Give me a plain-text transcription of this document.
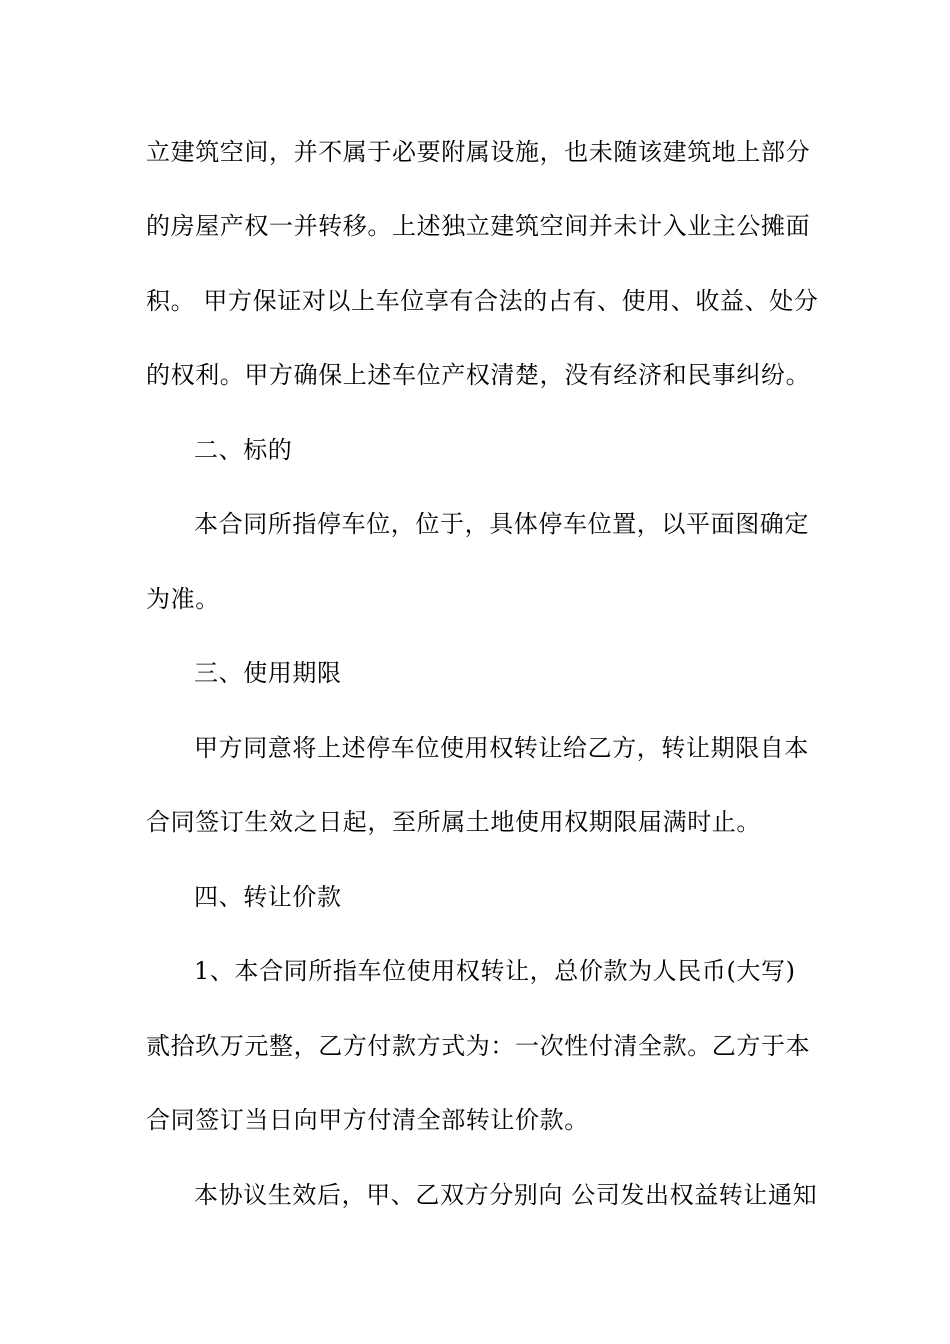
立建筑空间，并不属于必要附属设施，也未随该建筑地上部分
的房屋产权一并转移。上述独立建筑空间并未计入业主公摊面
积。 甲方保证对以上车位享有合法的占有、使用、收益、处分
的权利。甲方确保上述车位产权清楚，没有经济和民事纠纷。
二、标的
本合同所指停车位，位于，具体停车位置，以平面图确定
为准。
三、使用期限
甲方同意将上述停车位使用权转让给乙方，转让期限自本
合同签订生效之日起，至所属土地使用权期限届满时止。
四、转让价款
1、本合同所指车位使用权转让，总价款为人民币(大写)
贰拾玖万元整，乙方付款方式为：一次性付清全款。乙方于本
合同签订当日向甲方付清全部转让价款。
本协议生效后，甲、乙双方分别向 公司发出权益转让通知
